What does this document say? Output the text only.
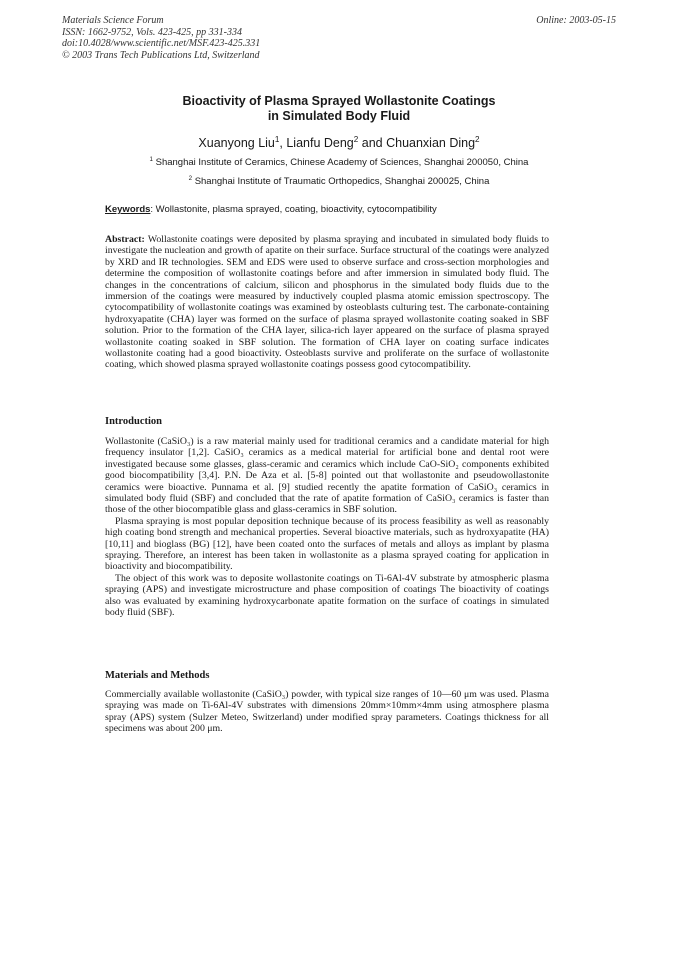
Materials Science Forum
ISSN: 1662-9752, Vols. 423-425, pp 331-334
doi:10.4028/www.scientific.net/MSF.423-425.331
© 2003 Trans Tech Publications Ltd, Switzerland
Online: 2003-05-15
Bioactivity of Plasma Sprayed Wollastonite Coatings
in Simulated Body Fluid
Xuanyong Liu$^1$, Lianfu Deng$^2$ and Chuanxian Ding$^2$
$^1$ Shanghai Institute of Ceramics, Chinese Academy of Sciences, Shanghai 200050, China
$^2$ Shanghai Institute of Traumatic Orthopedics, Shanghai 200025, China
Keywords: Wollastonite, plasma sprayed, coating, bioactivity, cytocompatibility

Abstract: Wollastonite coatings were deposited by plasma spraying and incubated in simulated body fluids to investigate the nucleation and growth of apatite on their surface. Surface structural of the coatings were analyzed by XRD and IR technologies. SEM and EDS were used to observe surface and cross-section morphologies and determine the composition of wollastonite coatings before and after immersion in simulated body fluid. The changes in the concentrations of calcium, silicon and phosphorus in the simulated body fluids due to the immersion of the coatings were measured by inductively coupled plasma atomic emission spectroscopy. The cytocompatibility of wollastonite coatings was examined by osteoblasts culturing test. The carbonate-containing hydroxyapatite (CHA) layer was formed on the surface of plasma sprayed wollastonite coating soaked in SBF solution. Prior to the formation of the CHA layer, silica-rich layer appeared on the surface of plasma sprayed wollastonite coating soaked in SBF solution. The formation of CHA layer on coating surface indicates wollastonite coating had a good bioactivity. Osteoblasts survive and proliferate on the surface of wollastonite coating, which showed plasma sprayed wollastonite coatings possess good cytocompatibility.

Introduction

Wollastonite (CaSiO₃) is a raw material mainly used for traditional ceramics and a candidate material for high frequency insulator [1,2]. CaSiO₃ ceramics as a medical material for artificial bone and dental root were investigated because some glasses, glass-ceramic and ceramics which include CaO-SiO₂ components exhibited good biocompatibility [3,4]. P.N. De Aza et al. [5-8] pointed out that wollastonite and pseudowollastonite ceramics were bioactive. Punnama et al. [9] studied recently the apatite formation of CaSiO₃ ceramics in simulated body fluid (SBF) and concluded that the rate of apatite formation of CaSiO₃ ceramics is faster than those of the other biocompatible glass and glass-ceramics in SBF solution.

Plasma spraying is most popular deposition technique because of its process feasibility as well as reasonably high coating bond strength and mechanical properties. Several bioactive materials, such as hydroxyapatite (HA) [10,11] and bioglass (BG) [12], have been coated onto the surfaces of metals and alloys as implant by plasma spraying. Therefore, an interest has been taken in wollastonite as a plasma sprayed coating for application in bioactivity and biocompatibility.

The object of this work was to deposite wollastonite coatings on Ti-6Al-4V substrate by atmospheric plasma spraying (APS) and investigate microstructure and phase composition of coatings The bioactivity of coatings also was evaluated by examining hydroxycarbonate apatite formation on the surface of coatings in simulated body fluid (SBF).

Materials and Methods

Commercially available wollastonite (CaSiO₃) powder, with typical size ranges of 10—60 μm was used. Plasma spraying was made on Ti-6Al-4V substrates with dimensions 20mm×10mm×4mm using atmosphere plasma spray (APS) system (Sulzer Meteo, Switzerland) under modified spray parameters. Coatings thickness for all specimens was about 200 μm.
